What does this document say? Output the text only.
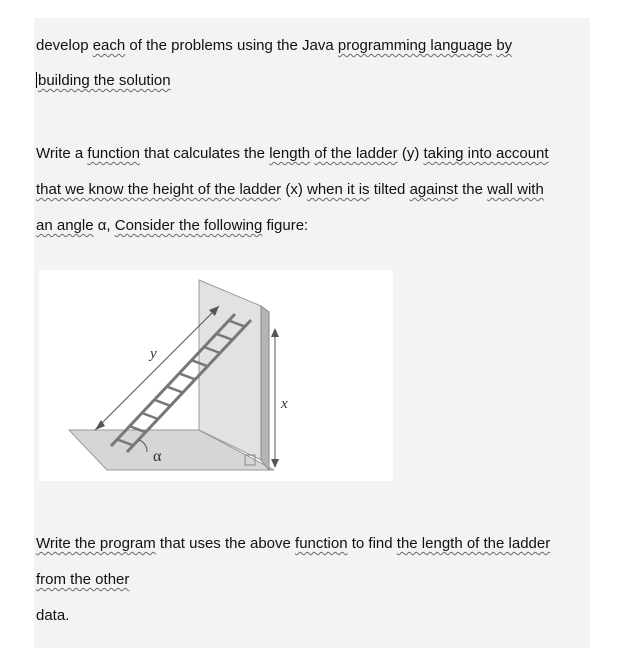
develop each of the problems using the Java programming language by
building the solution
Write a function that calculates the length of the ladder (y) taking into account
that we know the height of the ladder (x) when it is tilted against the wall with
an angle α, Consider the following figure:
y
x
α
Write the program that uses the above function to find the length of the ladder
from the other
data.
